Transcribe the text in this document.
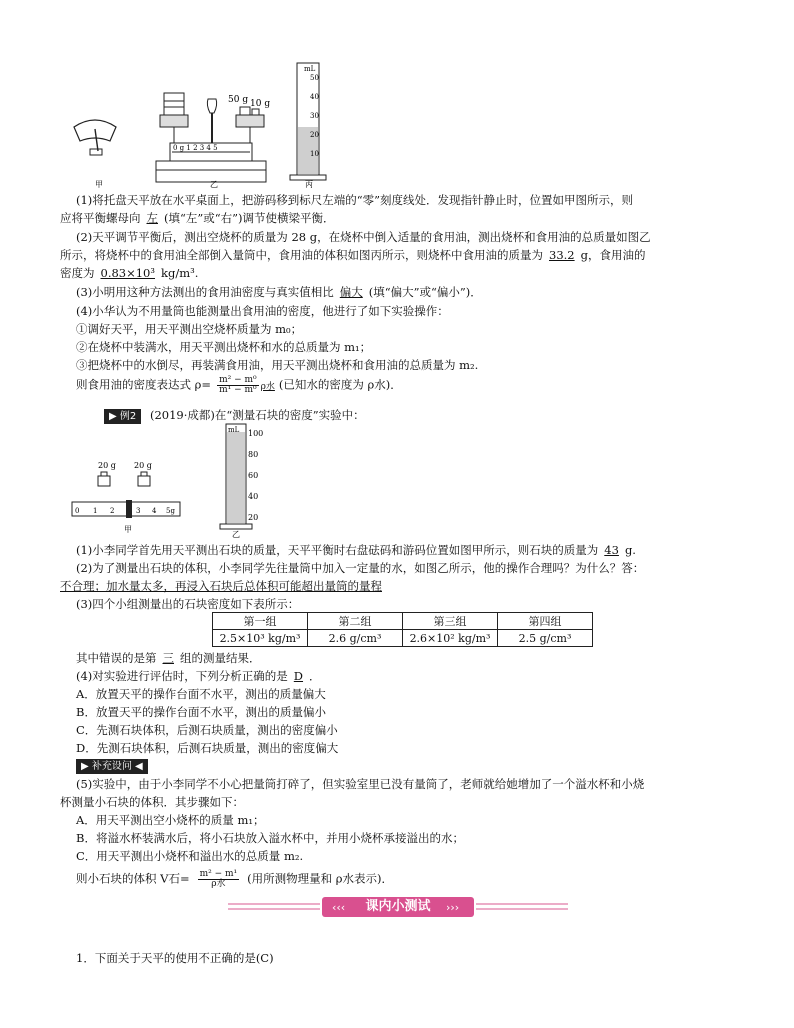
50 g 10 g
0 g 1 2 3 4 5
mL
50
40
30
20
10
甲	乙	丙
(1)将托盘天平放在水平桌面上，把游码移到标尺左端的“零”刻度线处．发现指针静止时，位置如甲图所示，则
应将平衡螺母向 左 (填“左”或“右”)调节使横梁平衡．
(2)天平调节平衡后，测出空烧杯的质量为 28 g，在烧杯中倒入适量的食用油，测出烧杯和食用油的总质量如图乙
所示，将烧杯中的食用油全部倒入量筒中，食用油的体积如图丙所示，则烧杯中食用油的质量为 33.2 g，食用油的
密度为 0.83×10³ kg/m³.
(3)小明用这种方法测出的食用油密度与真实值相比 偏大 (填“偏大”或“偏小”)．
(4)小华认为不用量筒也能测量出食用油的密度，他进行了如下实验操作：
①调好天平，用天平测出空烧杯质量为 m₀；
②在烧杯中装满水，用天平测出烧杯和水的总质量为 m₁；
③把烧杯中的水倒尽，再装满食用油，用天平测出烧杯和食用油的总质量为 m₂.
则食用油的密度表达式 $\rho= \frac{\text{m² − m⁰}}{\text{m¹ − m⁰}}$ ρ水 (已知水的密度为 ρ水)．
▶ 例2	(2019·成都)在“测量石块的密度”实验中：
20 g 20 g
0 1 2	3 4 5g
mL 100
80
60
40
20
甲
乙
(1)小李同学首先用天平测出石块的质量，天平平衡时右盘砝码和游码位置如图甲所示，则石块的质量为 43 g.
(2)为了测量出石块的体积，小李同学先往量筒中加入一定量的水，如图乙所示，他的操作合理吗？为什么？答：
不合理；加水量太多，再浸入石块后总体积可能超出量筒的量程
(3)四个小组测量出的石块密度如下表所示：
第一组	第二组	第三组	第四组
2.5×10³ kg/m³	2.6 g/cm³	2.6×10² kg/m³	2.5 g/cm³
其中错误的是第 三 组的测量结果．
(4)对实验进行评估时，下列分析正确的是 D ．
A．放置天平的操作台面不水平，测出的质量偏大
B．放置天平的操作台面不水平，测出的质量偏小
C．先测石块体积，后测石块质量，测出的密度偏小
D．先测石块体积，后测石块质量，测出的密度偏大
▶ 补充设问 ◀
(5)实验中，由于小李同学不小心把量筒打碎了，但实验室里已没有量筒了，老师就给她增加了一个溢水杯和小烧
杯测量小石块的体积．其步骤如下：
A．用天平测出空小烧杯的质量 m₁；
B．将溢水杯装满水后，将小石块放入溢水杯中，并用小烧杯承接溢出的水；
C．用天平测出小烧杯和溢出水的总质量 m₂.
则小石块的体积 V石= $\frac{\text{m² − m¹}}{\text{ρ水}}$ (用所测物理量和 ρ水表示)．
‹‹‹	›››
课内小测试
1．下面关于天平的使用不正确的是(C)
